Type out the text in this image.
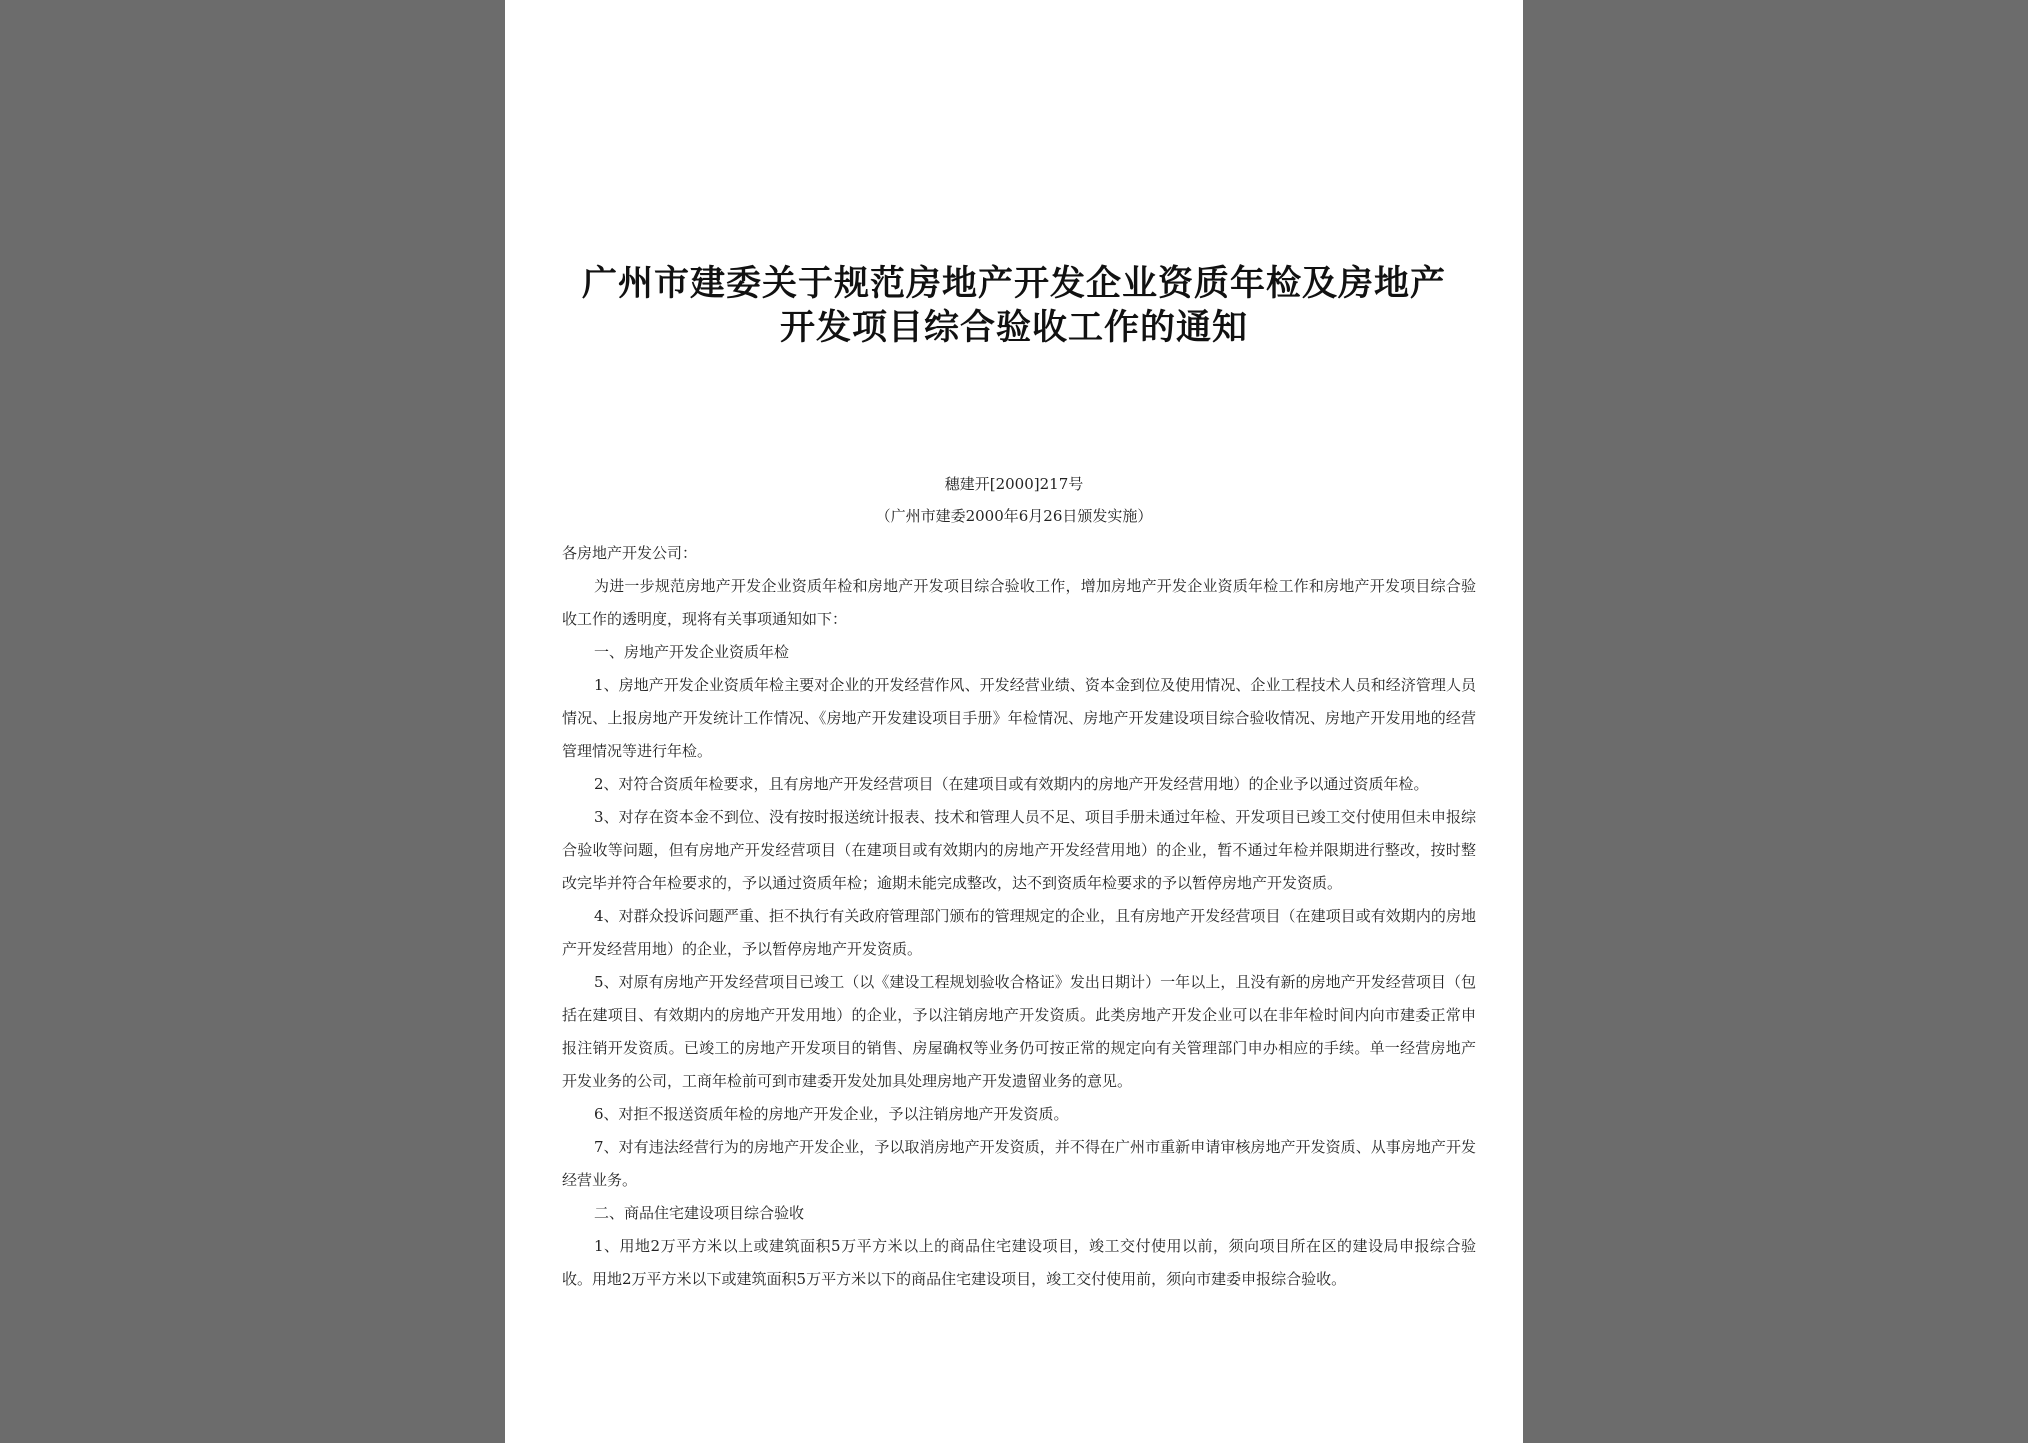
广州市建委关于规范房地产开发企业资质年检及房地产
开发项目综合验收工作的通知
穗建开[2000]217号
（广州市建委2000年6月26日颁发实施）

各房地产开发公司：

为进一步规范房地产开发企业资质年检和房地产开发项目综合验收工作，增加房地产开发企业资质年检工作和房地产开发项目综合验收工作的透明度，现将有关事项通知如下：

一、房地产开发企业资质年检

1、房地产开发企业资质年检主要对企业的开发经营作风、开发经营业绩、资本金到位及使用情况、企业工程技术人员和经济管理人员情况、上报房地产开发统计工作情况、《房地产开发建设项目手册》年检情况、房地产开发建设项目综合验收情况、房地产开发用地的经营管理情况等进行年检。

2、对符合资质年检要求，且有房地产开发经营项目（在建项目或有效期内的房地产开发经营用地）的企业予以通过资质年检。

3、对存在资本金不到位、没有按时报送统计报表、技术和管理人员不足、项目手册未通过年检、开发项目已竣工交付使用但未申报综合验收等问题，但有房地产开发经营项目（在建项目或有效期内的房地产开发经营用地）的企业，暂不通过年检并限期进行整改，按时整改完毕并符合年检要求的，予以通过资质年检；逾期未能完成整改，达不到资质年检要求的予以暂停房地产开发资质。

4、对群众投诉问题严重、拒不执行有关政府管理部门颁布的管理规定的企业，且有房地产开发经营项目（在建项目或有效期内的房地产开发经营用地）的企业，予以暂停房地产开发资质。

5、对原有房地产开发经营项目已竣工（以《建设工程规划验收合格证》发出日期计）一年以上，且没有新的房地产开发经营项目（包括在建项目、有效期内的房地产开发用地）的企业，予以注销房地产开发资质。此类房地产开发企业可以在非年检时间内向市建委正常申报注销开发资质。已竣工的房地产开发项目的销售、房屋确权等业务仍可按正常的规定向有关管理部门申办相应的手续。单一经营房地产开发业务的公司，工商年检前可到市建委开发处加具处理房地产开发遗留业务的意见。

6、对拒不报送资质年检的房地产开发企业，予以注销房地产开发资质。

7、对有违法经营行为的房地产开发企业，予以取消房地产开发资质，并不得在广州市重新申请审核房地产开发资质、从事房地产开发经营业务。

二、商品住宅建设项目综合验收

1、用地2万平方米以上或建筑面积5万平方米以上的商品住宅建设项目，竣工交付使用以前，须向项目所在区的建设局申报综合验收。用地2万平方米以下或建筑面积5万平方米以下的商品住宅建设项目，竣工交付使用前，须向市建委申报综合验收。
